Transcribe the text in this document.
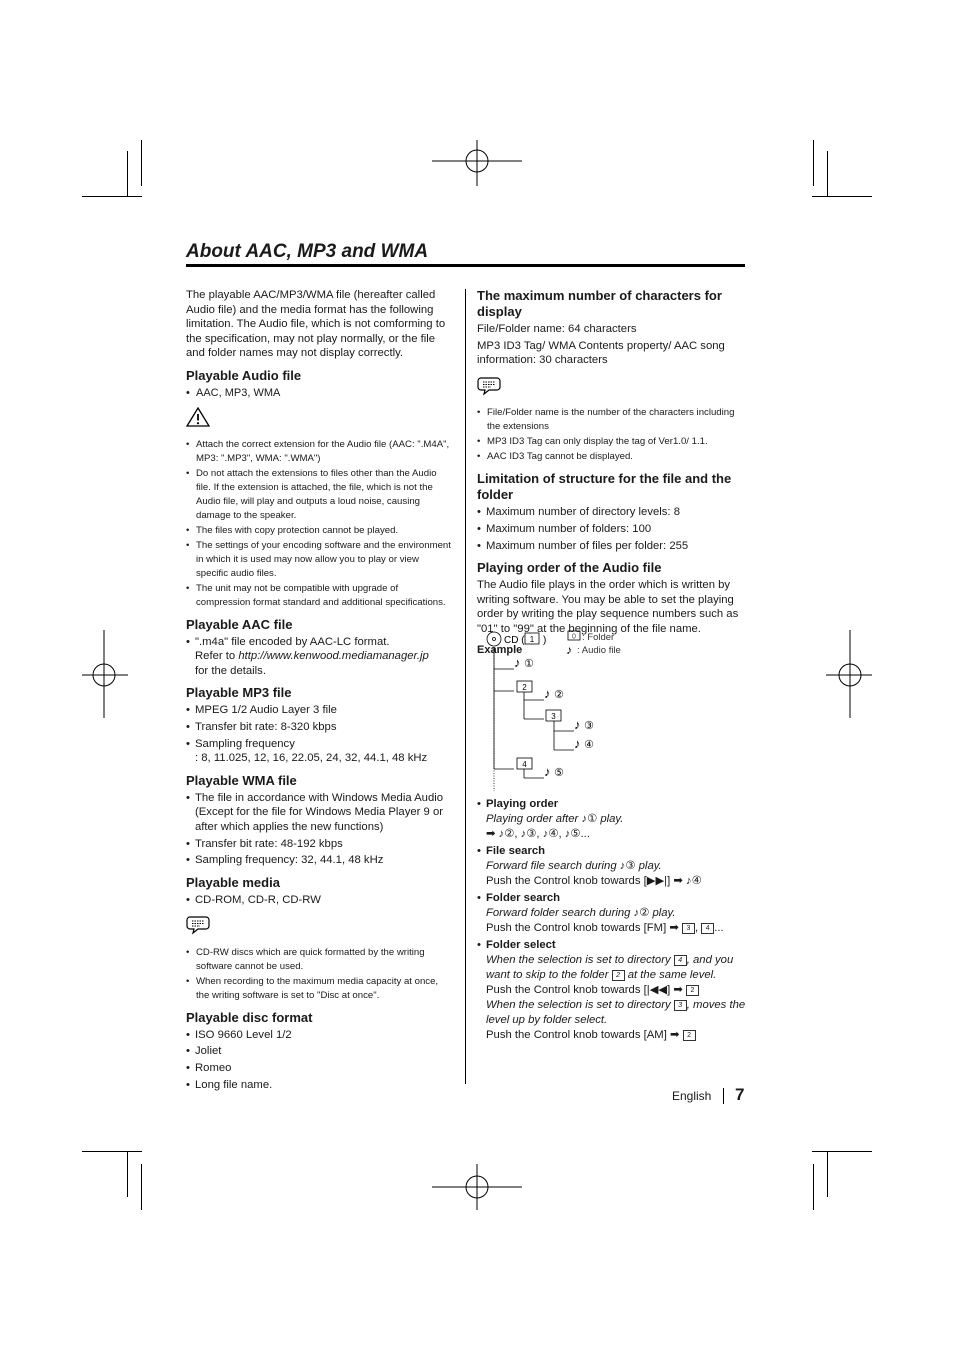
About AAC, MP3 and WMA

The playable AAC/MP3/WMA file (hereafter called Audio file) and the media format has the following limitation. The Audio file, which is not comforming to the specification, may not play normally, or the file and folder names may not display correctly.

Playable Audio file
• AAC, MP3, WMA
• Attach the correct extension for the Audio file (AAC: ".M4A", MP3: ".MP3", WMA: ".WMA")
• Do not attach the extensions to files other than the Audio file. If the extension is attached, the file, which is not the Audio file, will play and outputs a loud noise, causing damage to the speaker.
• The files with copy protection cannot be played.
• The settings of your encoding software and the environment in which it is used may now allow you to play or view specific audio files.
• The unit may not be compatible with upgrade of compression format standard and additional specifications.
Playable AAC file
• ".m4a" file encoded by AAC-LC format.
Refer to http://www.kenwood.mediamanager.jp
for the details.
Playable MP3 file
• MPEG 1/2 Audio Layer 3 file
• Transfer bit rate: 8-320 kbps
• Sampling frequency
: 8, 11.025, 12, 16, 22.05, 24, 32, 44.1, 48 kHz
Playable WMA file
• The file in accordance with Windows Media Audio (Except for the file for Windows Media Player 9 or after which applies the new functions)
• Transfer bit rate: 48-192 kbps
• Sampling frequency: 32, 44.1, 48 kHz
Playable media
• CD-ROM, CD-R, CD-RW
• CD-RW discs which are quick formatted by the writing software cannot be used.
• When recording to the maximum media capacity at once, the writing software is set to "Disc at once".
Playable disc format
• ISO 9660 Level 1/2
• Joliet
• Romeo
• Long file name.
The maximum number of characters for display

File/Folder name: 64 characters

MP3 ID3 Tag/ WMA Contents property/ AAC song information: 30 characters

• File/Folder name is the number of the characters including the extensions
• MP3 ID3 Tag can only display the tag of Ver1.0/ 1.1.
• AAC ID3 Tag cannot be displayed.
Limitation of structure for the file and the folder
• Maximum number of directory levels: 8
• Maximum number of folders: 100
• Maximum number of files per folder: 255
Playing order of the Audio file

The Audio file plays in the order which is written by writing software. You may be able to set the playing order by writing the play sequence numbers such as "01" to "99" at the beginning of the file name.

Example
CD ( 1 )	0 : Folder
♪ : Audio file
♪ ①
2 ♪ ②
3
♪ ③
♪ ④
4 ♪ ⑤
• Playing order
Playing order after ♪① play.
➡ ♪②, ♪③, ♪④, ♪⑤...
• File search
Forward file search during ♪③ play.
Push the Control knob towards [▶▶|] ➡ ♪④
• Folder search
Forward folder search during ♪② play.
Push the Control knob towards [FM] ➡ 3 , 4 ...
• Folder select
When the selection is set to directory 4 , and you want to skip to the folder 2 at the same level.
Push the Control knob towards [|◀◀] ➡ 2
When the selection is set to directory 3 , moves the level up by folder select.
Push the Control knob towards [AM] ➡ 2
English 7
